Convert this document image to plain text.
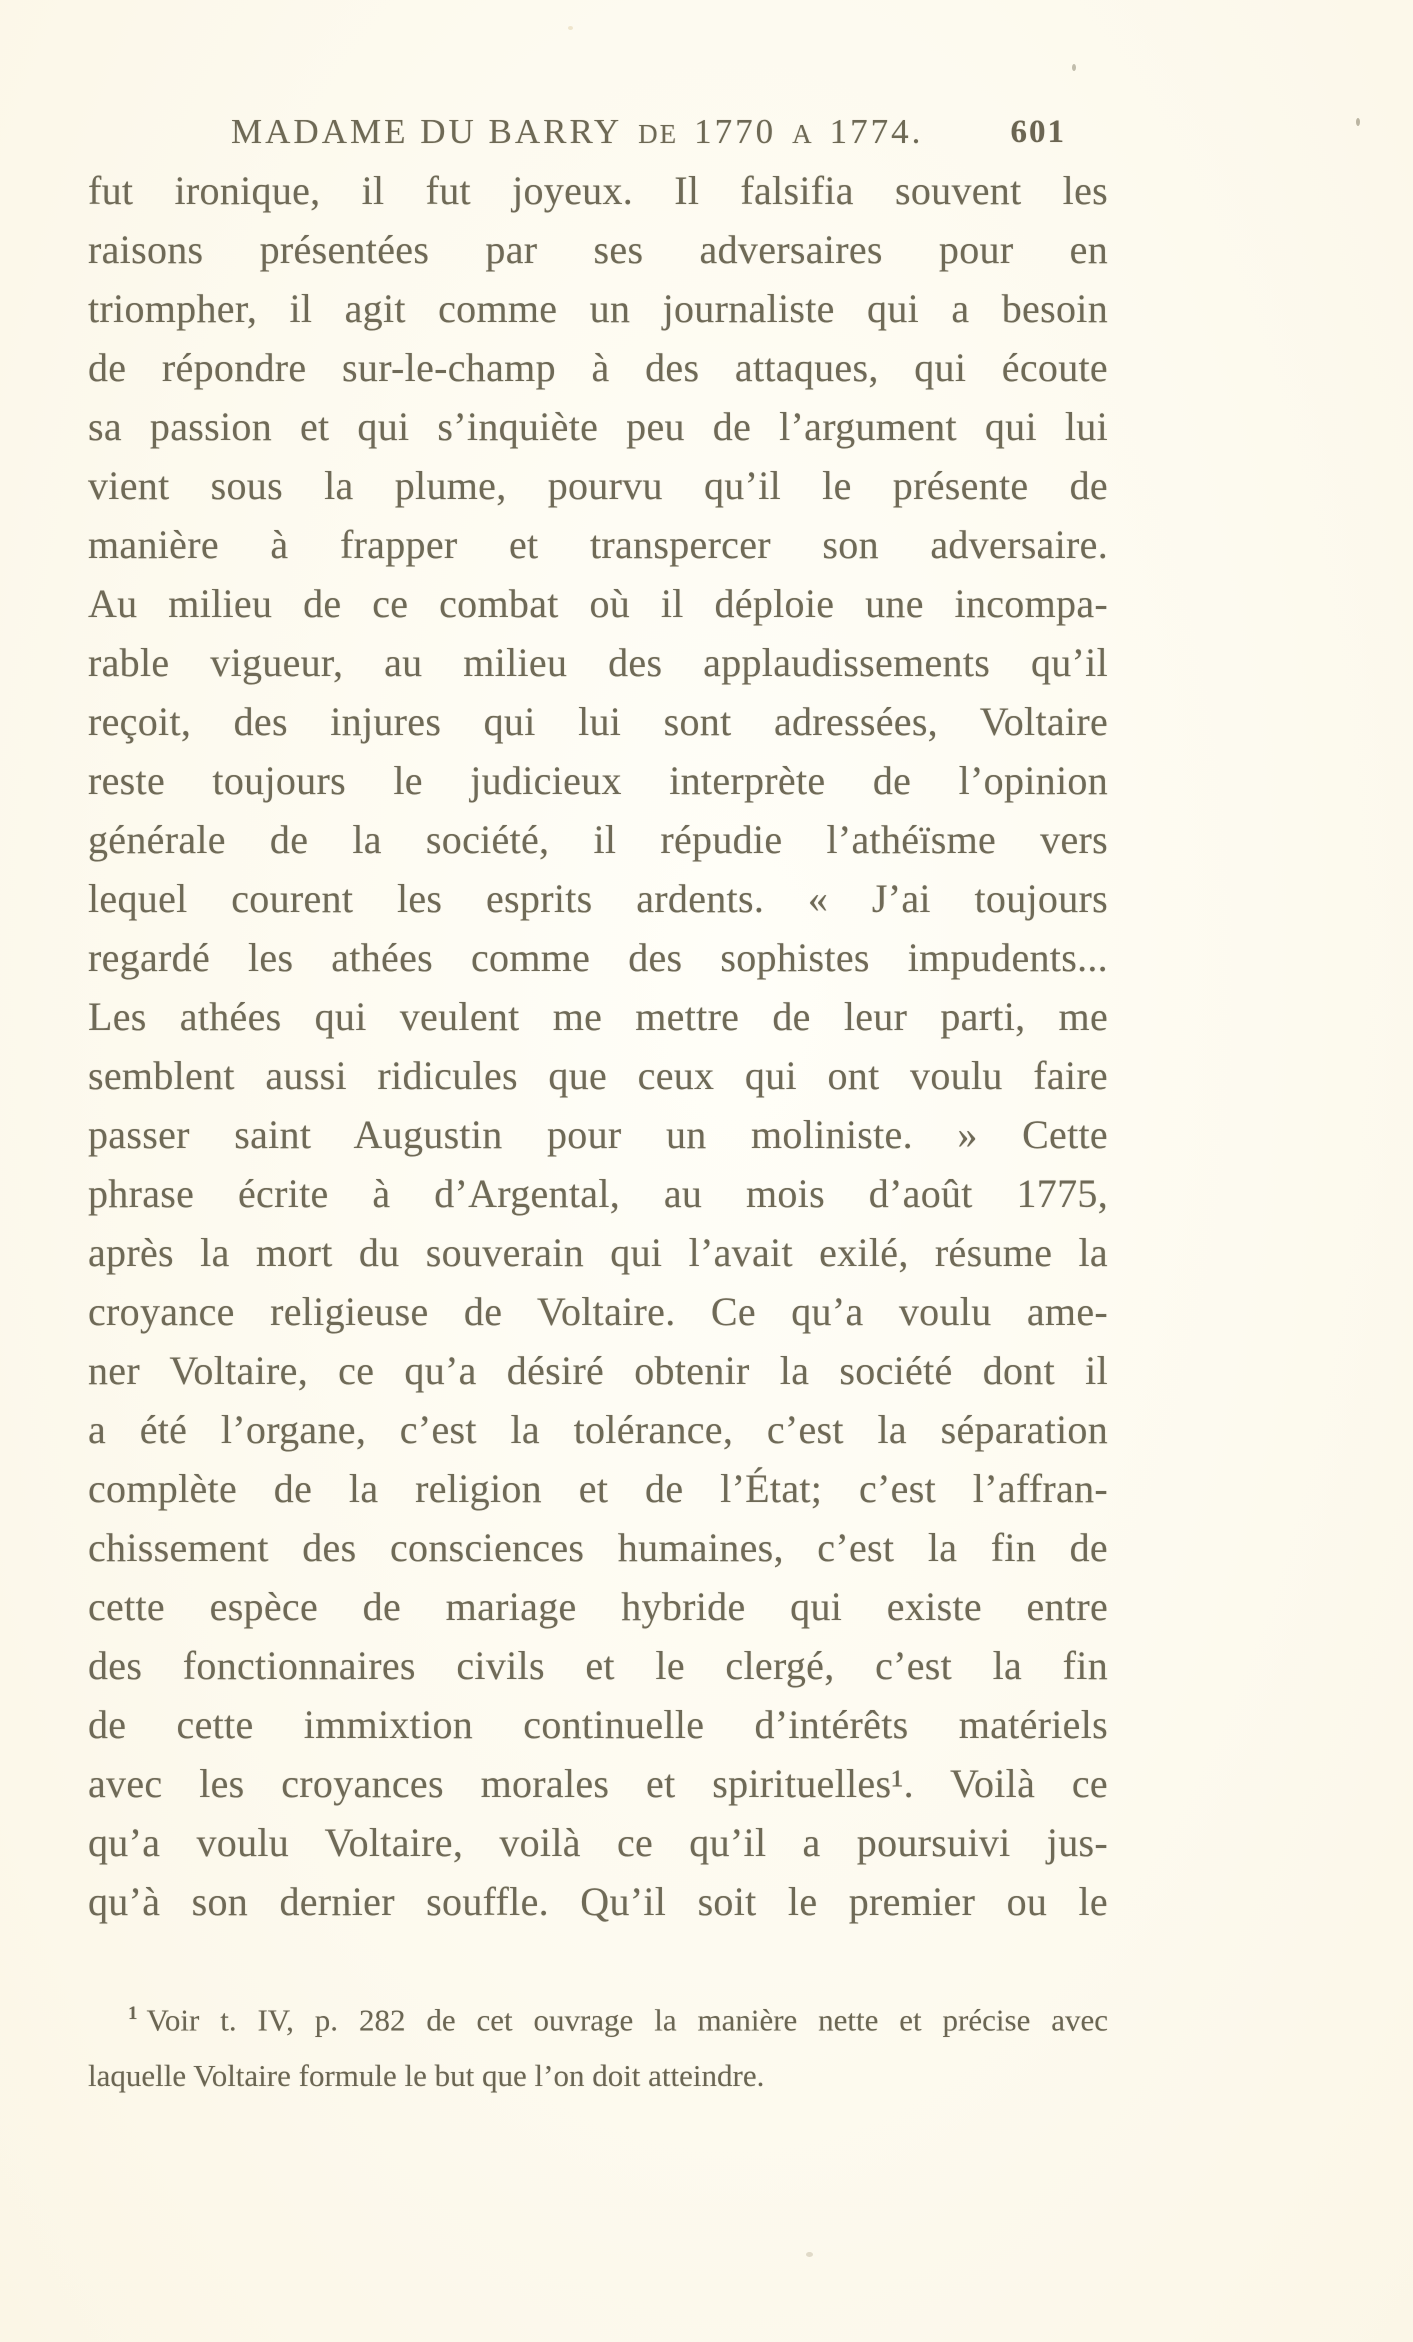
MADAME DU BARRY DE 1770 A 1774.	601
fut ironique, il fut joyeux. Il falsifia souvent les
raisons présentées par ses adversaires pour en
triompher, il agit comme un journaliste qui a besoin
de répondre sur-le-champ à des attaques, qui écoute
sa passion et qui s’inquiète peu de l’argument qui lui
vient sous la plume, pourvu qu’il le présente de
manière à frapper et transpercer son adversaire.
Au milieu de ce combat où il déploie une incompa-
rable vigueur, au milieu des applaudissements qu’il
reçoit, des injures qui lui sont adressées, Voltaire
reste toujours le judicieux interprète de l’opinion
générale de la société, il répudie l’athéïsme vers
lequel courent les esprits ardents. « J’ai toujours
regardé les athées comme des sophistes impudents...
Les athées qui veulent me mettre de leur parti, me
semblent aussi ridicules que ceux qui ont voulu faire
passer saint Augustin pour un moliniste. » Cette
phrase écrite à d’Argental, au mois d’août 1775,
après la mort du souverain qui l’avait exilé, résume la
croyance religieuse de Voltaire. Ce qu’a voulu ame-
ner Voltaire, ce qu’a désiré obtenir la société dont il
a été l’organe, c’est la tolérance, c’est la séparation
complète de la religion et de l’État; c’est l’affran-
chissement des consciences humaines, c’est la fin de
cette espèce de mariage hybride qui existe entre
des fonctionnaires civils et le clergé, c’est la fin
de cette immixtion continuelle d’intérêts matériels
avec les croyances morales et spirituelles¹. Voilà ce
qu’a voulu Voltaire, voilà ce qu’il a poursuivi jus-
qu’à son dernier souffle. Qu’il soit le premier ou le
$^1$ Voir t. IV, p. 282 de cet ouvrage la manière nette et précise avec
laquelle Voltaire formule le but que l’on doit atteindre.
